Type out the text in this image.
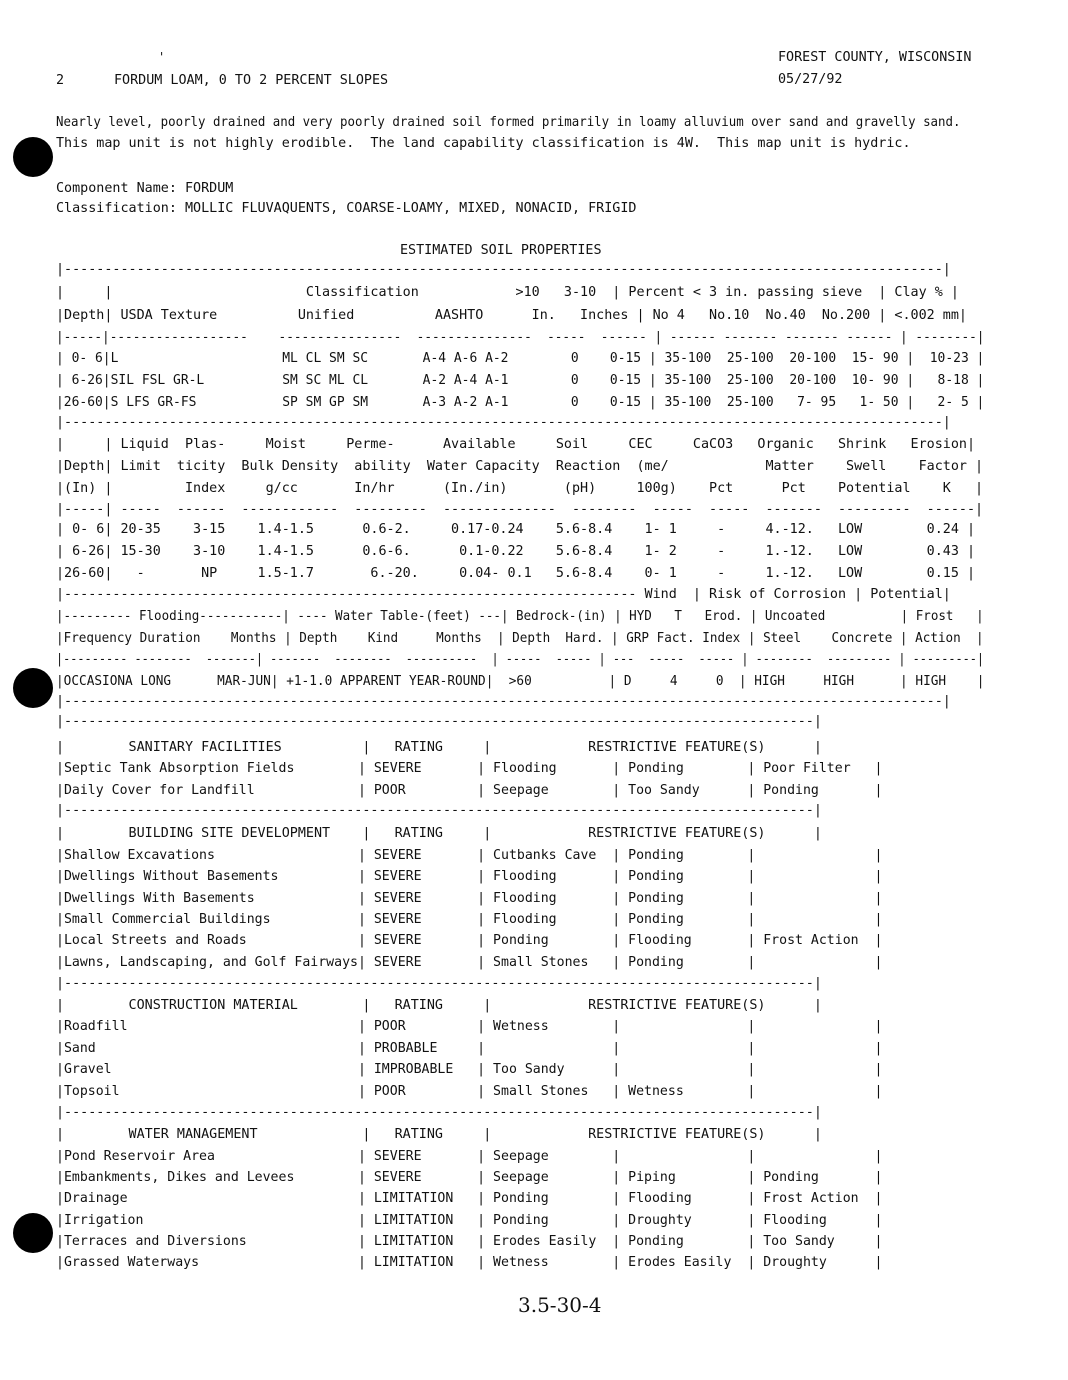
2	FORDUM LOAM, 0 TO 2 PERCENT SLOPES
FOREST COUNTY, WISCONSIN
05/27/92
'
Nearly level, poorly drained and very poorly drained soil formed primarily in loamy alluvium over sand and gravelly sand.
This map unit is not highly erodible.  The land capability classification is 4W.  This map unit is hydric.
Component Name: FORDUM
Classification: MOLLIC FLUVAQUENTS, COARSE-LOAMY, MIXED, NONACID, FRIGID
ESTIMATED SOIL PROPERTIES
|-------------------------------------------------------------------------------------------------------------|
|     |                        Classification            >10   3-10  | Percent < 3 in. passing sieve  | Clay % |
|Depth| USDA Texture          Unified          AASHTO      In.   Inches | No 4   No.10  No.40  No.200 | <.002 mm|
|-----|------------------    ----------------  ---------------  -----  ------ | ------ ------- ------- ------ | --------|
| 0- 6|L                     ML CL SM SC       A-4 A-6 A-2        0    0-15 | 35-100  25-100  20-100  15- 90 |  10-23 |
| 6-26|SIL FSL GR-L          SM SC ML CL       A-2 A-4 A-1        0    0-15 | 35-100  25-100  20-100  10- 90 |   8-18 |
|26-60|S LFS GR-FS           SP SM GP SM       A-3 A-2 A-1        0    0-15 | 35-100  25-100   7- 95   1- 50 |   2- 5 |
|-------------------------------------------------------------------------------------------------------------|
|     | Liquid  Plas-     Moist     Perme-      Available     Soil     CEC     CaCO3   Organic   Shrink   Erosion|
|Depth| Limit  ticity  Bulk Density  ability  Water Capacity  Reaction  (me/            Matter    Swell    Factor |
|(In) |         Index     g/cc       In/hr      (In./in)       (pH)     100g)    Pct      Pct    Potential    K   |
|-----| -----  ------  ------------  ---------  --------------  --------  -----  -----  -------  ---------  ------|
| 0- 6| 20-35    3-15    1.4-1.5      0.6-2.     0.17-0.24    5.6-8.4    1- 1     -     4.-12.   LOW        0.24 |
| 6-26| 15-30    3-10    1.4-1.5      0.6-6.      0.1-0.22    5.6-8.4    1- 2     -     1.-12.   LOW        0.43 |
|26-60|   -       NP     1.5-1.7       6.-20.     0.04- 0.1   5.6-8.4    0- 1     -     1.-12.   LOW        0.15 |
|----------------------------------------------------------------------- Wind  | Risk of Corrosion | Potential|
|--------- Flooding-----------| ---- Water Table-(feet) ---| Bedrock-(in) | HYD   T   Erod. | Uncoated          | Frost   |
|Frequency Duration    Months | Depth    Kind     Months  | Depth  Hard. | GRP Fact. Index | Steel    Concrete | Action  |
|--------- --------  -------| -------  --------  ----------  | -----  ----- | ---  -----  ----- | --------  --------- | ---------|
|OCCASIONA LONG      MAR-JUN| +1-1.0 APPARENT YEAR-ROUND|  >60          | D     4     0  | HIGH     HIGH      | HIGH    |
|-------------------------------------------------------------------------------------------------------------|
|---------------------------------------------------------------------------------------------|
|        SANITARY FACILITIES          |   RATING     |            RESTRICTIVE FEATURE(S)      |
|Septic Tank Absorption Fields        | SEVERE       | Flooding       | Ponding        | Poor Filter   |
|Daily Cover for Landfill             | POOR         | Seepage        | Too Sandy      | Ponding       |
|---------------------------------------------------------------------------------------------|
|        BUILDING SITE DEVELOPMENT    |   RATING     |            RESTRICTIVE FEATURE(S)      |
|Shallow Excavations                  | SEVERE       | Cutbanks Cave  | Ponding        |               |
|Dwellings Without Basements          | SEVERE       | Flooding       | Ponding        |               |
|Dwellings With Basements             | SEVERE       | Flooding       | Ponding        |               |
|Small Commercial Buildings           | SEVERE       | Flooding       | Ponding        |               |
|Local Streets and Roads              | SEVERE       | Ponding        | Flooding       | Frost Action  |
|Lawns, Landscaping, and Golf Fairways| SEVERE       | Small Stones   | Ponding        |               |
|---------------------------------------------------------------------------------------------|
|        CONSTRUCTION MATERIAL        |   RATING     |            RESTRICTIVE FEATURE(S)      |
|Roadfill                             | POOR         | Wetness        |                |               |
|Sand                                 | PROBABLE     |                |                |               |
|Gravel                               | IMPROBABLE   | Too Sandy      |                |               |
|Topsoil                              | POOR         | Small Stones   | Wetness        |               |
|---------------------------------------------------------------------------------------------|
|        WATER MANAGEMENT             |   RATING     |            RESTRICTIVE FEATURE(S)      |
|Pond Reservoir Area                  | SEVERE       | Seepage        |                |               |
|Embankments, Dikes and Levees        | SEVERE       | Seepage        | Piping         | Ponding       |
|Drainage                             | LIMITATION   | Ponding        | Flooding       | Frost Action  |
|Irrigation                           | LIMITATION   | Ponding        | Droughty       | Flooding      |
|Terraces and Diversions              | LIMITATION   | Erodes Easily  | Ponding        | Too Sandy     |
|Grassed Waterways                    | LIMITATION   | Wetness        | Erodes Easily  | Droughty      |
3.5-30-4
